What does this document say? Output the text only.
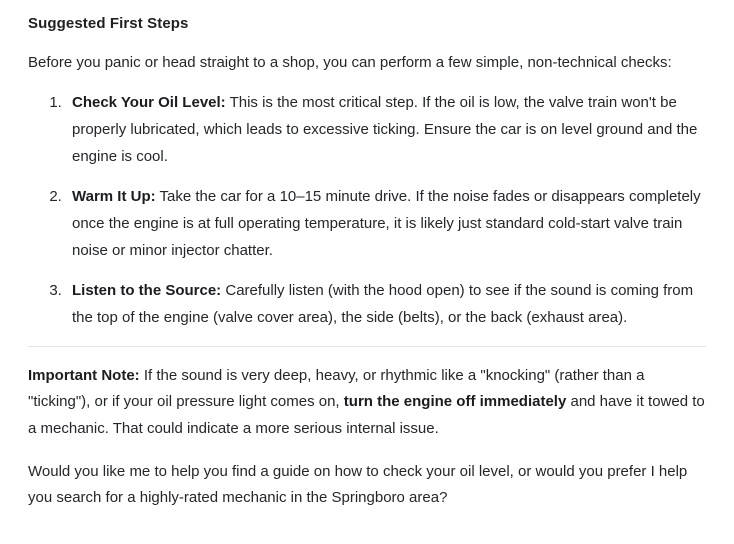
Suggested First Steps

Before you panic or head straight to a shop, you can perform a few simple, non-technical checks:

1. Check Your Oil Level: This is the most critical step. If the oil is low, the valve train won't be properly lubricated, which leads to excessive ticking. Ensure the car is on level ground and the engine is cool.
2. Warm It Up: Take the car for a 10–15 minute drive. If the noise fades or disappears completely once the engine is at full operating temperature, it is likely just standard cold-start valve train noise or minor injector chatter.
3. Listen to the Source: Carefully listen (with the hood open) to see if the sound is coming from the top of the engine (valve cover area), the side (belts), or the back (exhaust area).

Important Note: If the sound is very deep, heavy, or rhythmic like a "knocking" (rather than a "ticking"), or if your oil pressure light comes on, turn the engine off immediately and have it towed to a mechanic. That could indicate a more serious internal issue.

Would you like me to help you find a guide on how to check your oil level, or would you prefer I help you search for a highly-rated mechanic in the Springboro area?
